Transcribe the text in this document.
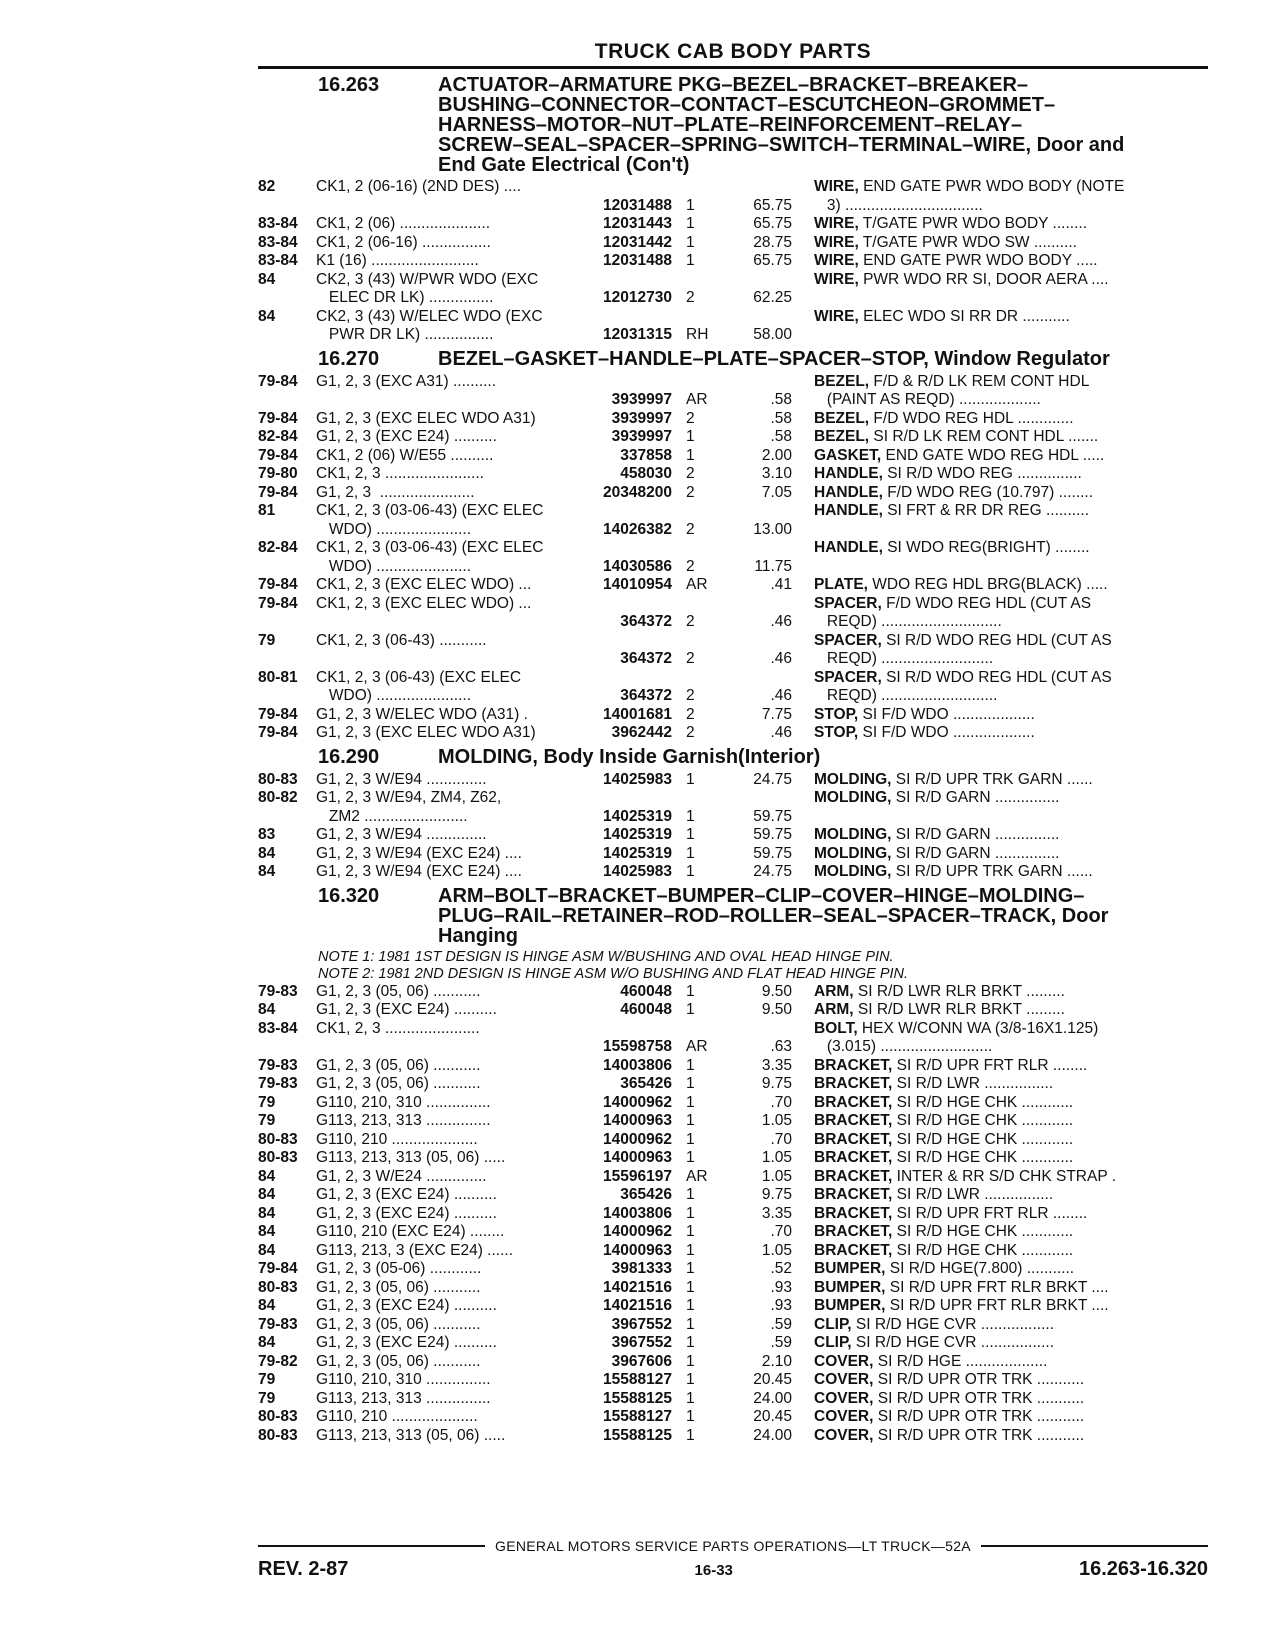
TRUCK CAB BODY PARTS
16.263	ACTUATOR–ARMATURE PKG–BEZEL–BRACKET–BREAKER–
BUSHING–CONNECTOR–CONTACT–ESCUTCHEON–GROMMET–
HARNESS–MOTOR–NUT–PLATE–REINFORCEMENT–RELAY–
SCREW–SEAL–SPACER–SPRING–SWITCH–TERMINAL–WIRE, Door and
End Gate Electrical (Con't)
82	CK1, 2 (06-16) (2ND DES) ....	WIRE, END GATE PWR WDO BODY (NOTE
12031488 1	65.75	3) ................................
83-84	CK1, 2 (06) .....................	12031443 1	65.75	WIRE, T/GATE PWR WDO BODY ........
83-84	CK1, 2 (06-16) ................	12031442 1	28.75	WIRE, T/GATE PWR WDO SW ..........
83-84	K1 (16) .........................	12031488 1	65.75	WIRE, END GATE PWR WDO BODY .....
84	CK2, 3 (43) W/PWR WDO (EXC	WIRE, PWR WDO RR SI, DOOR AERA ....
ELEC DR LK) ...............	12012730 2	62.25
84	CK2, 3 (43) W/ELEC WDO (EXC	WIRE, ELEC WDO SI RR DR ...........
PWR DR LK) ................	12031315 RH	58.00
16.270	BEZEL–GASKET–HANDLE–PLATE–SPACER–STOP, Window Regulator
79-84	G1, 2, 3 (EXC A31) ..........	BEZEL, F/D & R/D LK REM CONT HDL
3939997 AR	.58	(PAINT AS REQD) ...................
79-84	G1, 2, 3 (EXC ELEC WDO A31)	3939997 2	.58	BEZEL, F/D WDO REG HDL .............
82-84	G1, 2, 3 (EXC E24) ..........	3939997 1	.58	BEZEL, SI R/D LK REM CONT HDL .......
79-84	CK1, 2 (06) W/E55 ..........	337858 1	2.00	GASKET, END GATE WDO REG HDL .....
79-80	CK1, 2, 3 .......................	458030 2	3.10	HANDLE, SI R/D WDO REG ...............
79-84	G1, 2, 3  ......................	20348200 2	7.05	HANDLE, F/D WDO REG (10.797) ........
81	CK1, 2, 3 (03-06-43) (EXC ELEC	HANDLE, SI FRT & RR DR REG ..........
WDO) ......................	14026382 2	13.00
82-84	CK1, 2, 3 (03-06-43) (EXC ELEC	HANDLE, SI WDO REG(BRIGHT) ........
WDO) ......................	14030586 2	11.75
79-84	CK1, 2, 3 (EXC ELEC WDO) ...	14010954 AR	.41	PLATE, WDO REG HDL BRG(BLACK) .....
79-84	CK1, 2, 3 (EXC ELEC WDO) ...	SPACER, F/D WDO REG HDL (CUT AS
364372 2	.46	REQD) ............................
79	CK1, 2, 3 (06-43) ...........	SPACER, SI R/D WDO REG HDL (CUT AS
364372 2	.46	REQD) ..........................
80-81	CK1, 2, 3 (06-43) (EXC ELEC	SPACER, SI R/D WDO REG HDL (CUT AS
WDO) ......................	364372 2	.46	REQD) ...........................
79-84	G1, 2, 3 W/ELEC WDO (A31) .	14001681 2	7.75	STOP, SI F/D WDO ...................
79-84	G1, 2, 3 (EXC ELEC WDO A31)	3962442 2	.46	STOP, SI F/D WDO ...................
16.290	MOLDING, Body Inside Garnish(Interior)
80-83	G1, 2, 3 W/E94 ..............	14025983 1	24.75	MOLDING, SI R/D UPR TRK GARN ......
80-82	G1, 2, 3 W/E94, ZM4, Z62,	MOLDING, SI R/D GARN ...............
ZM2 ........................	14025319 1	59.75
83	G1, 2, 3 W/E94 ..............	14025319 1	59.75	MOLDING, SI R/D GARN ...............
84	G1, 2, 3 W/E94 (EXC E24) ....	14025319 1	59.75	MOLDING, SI R/D GARN ...............
84	G1, 2, 3 W/E94 (EXC E24) ....	14025983 1	24.75	MOLDING, SI R/D UPR TRK GARN ......
16.320	ARM–BOLT–BRACKET–BUMPER–CLIP–COVER–HINGE–MOLDING–
PLUG–RAIL–RETAINER–ROD–ROLLER–SEAL–SPACER–TRACK, Door
Hanging
NOTE 1: 1981 1ST DESIGN IS HINGE ASM W/BUSHING AND OVAL HEAD HINGE PIN.
NOTE 2: 1981 2ND DESIGN IS HINGE ASM W/O BUSHING AND FLAT HEAD HINGE PIN.
79-83	G1, 2, 3 (05, 06) ...........	460048 1	9.50	ARM, SI R/D LWR RLR BRKT .........
84	G1, 2, 3 (EXC E24) ..........	460048 1	9.50	ARM, SI R/D LWR RLR BRKT .........
83-84	CK1, 2, 3 ......................	BOLT, HEX W/CONN WA (3/8-16X1.125)
15598758 AR	.63	(3.015) ..........................
79-83	G1, 2, 3 (05, 06) ...........	14003806 1	3.35	BRACKET, SI R/D UPR FRT RLR ........
79-83	G1, 2, 3 (05, 06) ...........	365426 1	9.75	BRACKET, SI R/D LWR ................
79	G110, 210, 310 ...............	14000962 1	.70	BRACKET, SI R/D HGE CHK ............
79	G113, 213, 313 ...............	14000963 1	1.05	BRACKET, SI R/D HGE CHK ............
80-83	G110, 210 ....................	14000962 1	.70	BRACKET, SI R/D HGE CHK ............
80-83	G113, 213, 313 (05, 06) .....	14000963 1	1.05	BRACKET, SI R/D HGE CHK ............
84	G1, 2, 3 W/E24 ..............	15596197 AR	1.05	BRACKET, INTER & RR S/D CHK STRAP .
84	G1, 2, 3 (EXC E24) ..........	365426 1	9.75	BRACKET, SI R/D LWR ................
84	G1, 2, 3 (EXC E24) ..........	14003806 1	3.35	BRACKET, SI R/D UPR FRT RLR ........
84	G110, 210 (EXC E24) ........	14000962 1	.70	BRACKET, SI R/D HGE CHK ............
84	G113, 213, 3 (EXC E24) ......	14000963 1	1.05	BRACKET, SI R/D HGE CHK ............
79-84	G1, 2, 3 (05-06) ............	3981333 1	.52	BUMPER, SI R/D HGE(7.800) ...........
80-83	G1, 2, 3 (05, 06) ...........	14021516 1	.93	BUMPER, SI R/D UPR FRT RLR BRKT ....
84	G1, 2, 3 (EXC E24) ..........	14021516 1	.93	BUMPER, SI R/D UPR FRT RLR BRKT ....
79-83	G1, 2, 3 (05, 06) ...........	3967552 1	.59	CLIP, SI R/D HGE CVR .................
84	G1, 2, 3 (EXC E24) ..........	3967552 1	.59	CLIP, SI R/D HGE CVR .................
79-82	G1, 2, 3 (05, 06) ...........	3967606 1	2.10	COVER, SI R/D HGE ...................
79	G110, 210, 310 ...............	15588127 1	20.45	COVER, SI R/D UPR OTR TRK ...........
79	G113, 213, 313 ...............	15588125 1	24.00	COVER, SI R/D UPR OTR TRK ...........
80-83	G110, 210 ....................	15588127 1	20.45	COVER, SI R/D UPR OTR TRK ...........
80-83	G113, 213, 313 (05, 06) .....	15588125 1	24.00	COVER, SI R/D UPR OTR TRK ...........
GENERAL MOTORS SERVICE PARTS OPERATIONS—LT TRUCK—52A
REV. 2-87	16-33	16.263-16.320
